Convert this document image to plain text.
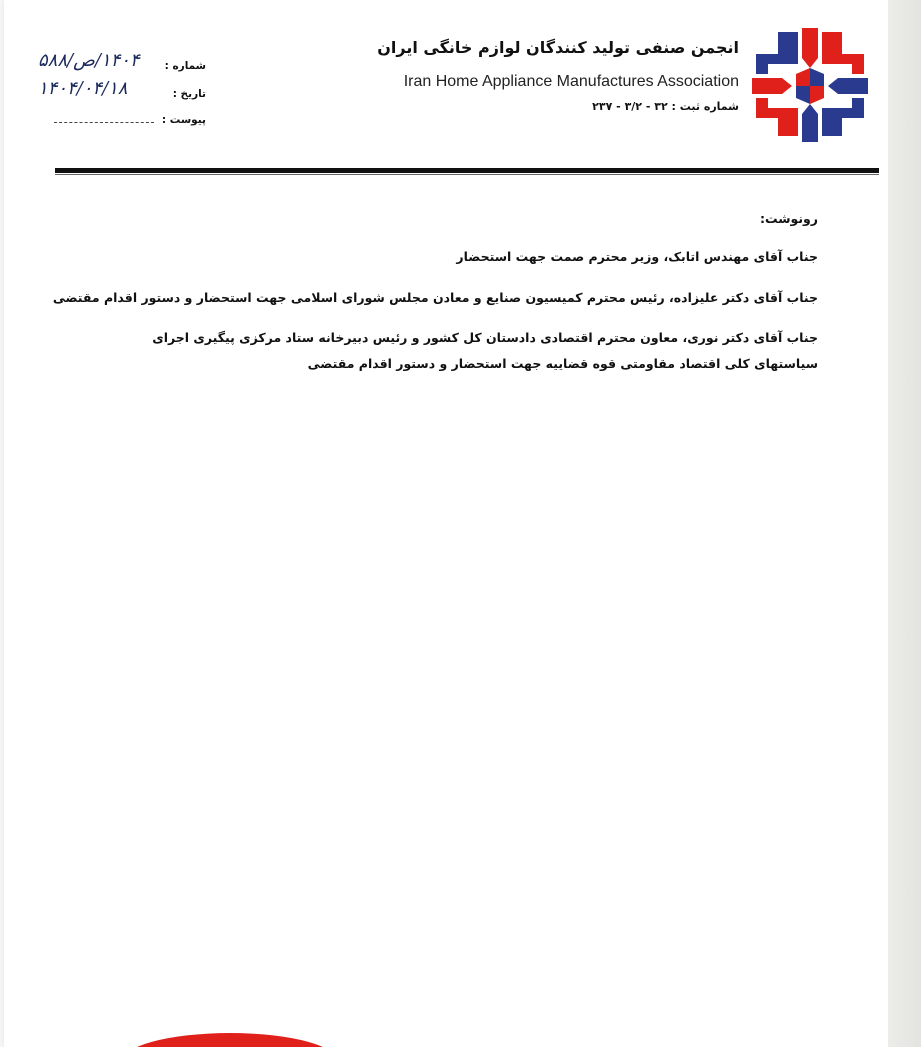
انجمن صنفی تولید کنندگان لوازم خانگی ایران
Iran Home Appliance Manufactures Association
شماره ثبت : ۳۲ - ۳/۲ - ۲۳۷
شماره :
۱۴۰۴/ص/۵۸۸
تاریخ :
۱۴۰۴/۰۴/۱۸
پیوست :
رونوشت:
جناب آقای مهندس اتابک، وزیر محترم صمت جهت استحضار
جناب آقای دکتر علیزاده، رئیس محترم کمیسیون صنایع و معادن مجلس شورای اسلامی جهت استحضار و دستور اقدام مقتضی
جناب آقای دکتر نوری، معاون محترم اقتصادی دادستان کل کشور و رئیس دبیرخانه ستاد مرکزی پیگیری اجرای سیاستهای کلی اقتصاد مقاومتی قوه قضاییه جهت استحضار و دستور اقدام مقتضی
